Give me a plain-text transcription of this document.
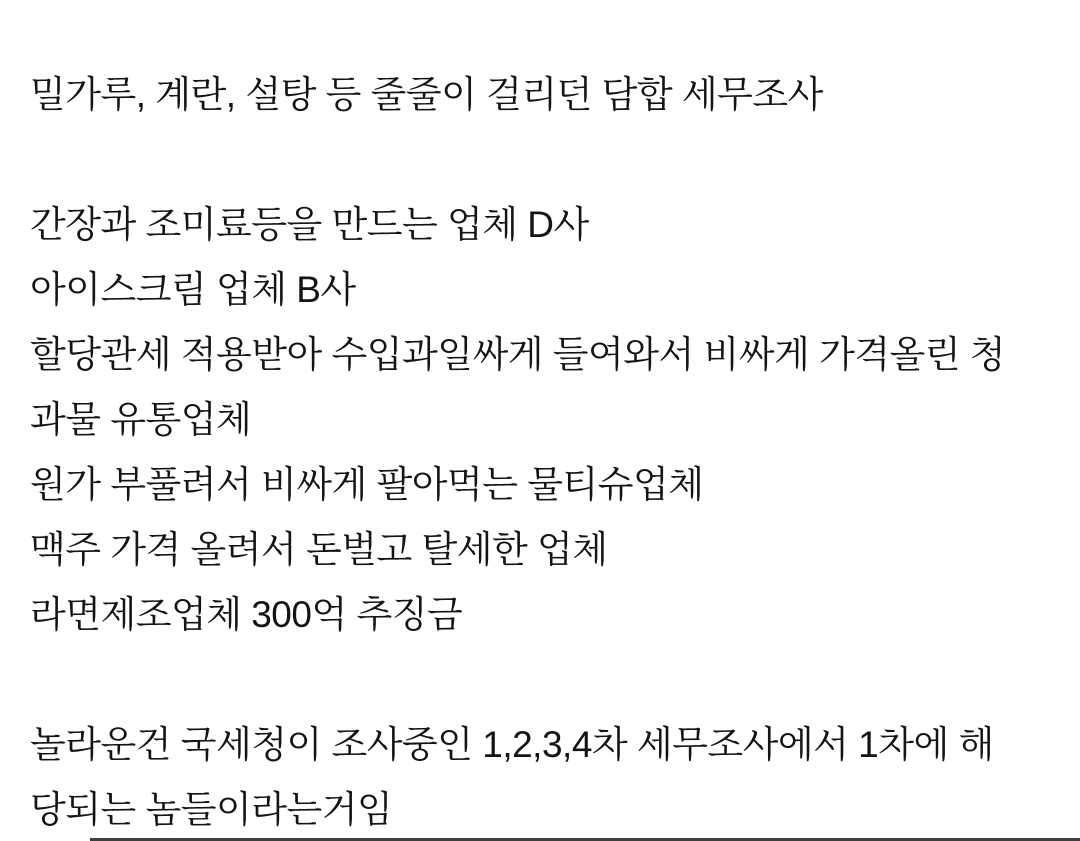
밀가루, 계란, 설탕 등 줄줄이 걸리던 담합 세무조사
간장과 조미료등을 만드는 업체 D사
아이스크림 업체 B사
할당관세 적용받아 수입과일싸게 들여와서 비싸게 가격올린 청
과물 유통업체
원가 부풀려서 비싸게 팔아먹는 물티슈업체
맥주 가격 올려서 돈벌고 탈세한 업체
라면제조업체 300억 추징금
놀라운건 국세청이 조사중인 1,2,3,4차 세무조사에서 1차에 해
당되는 놈들이라는거임
